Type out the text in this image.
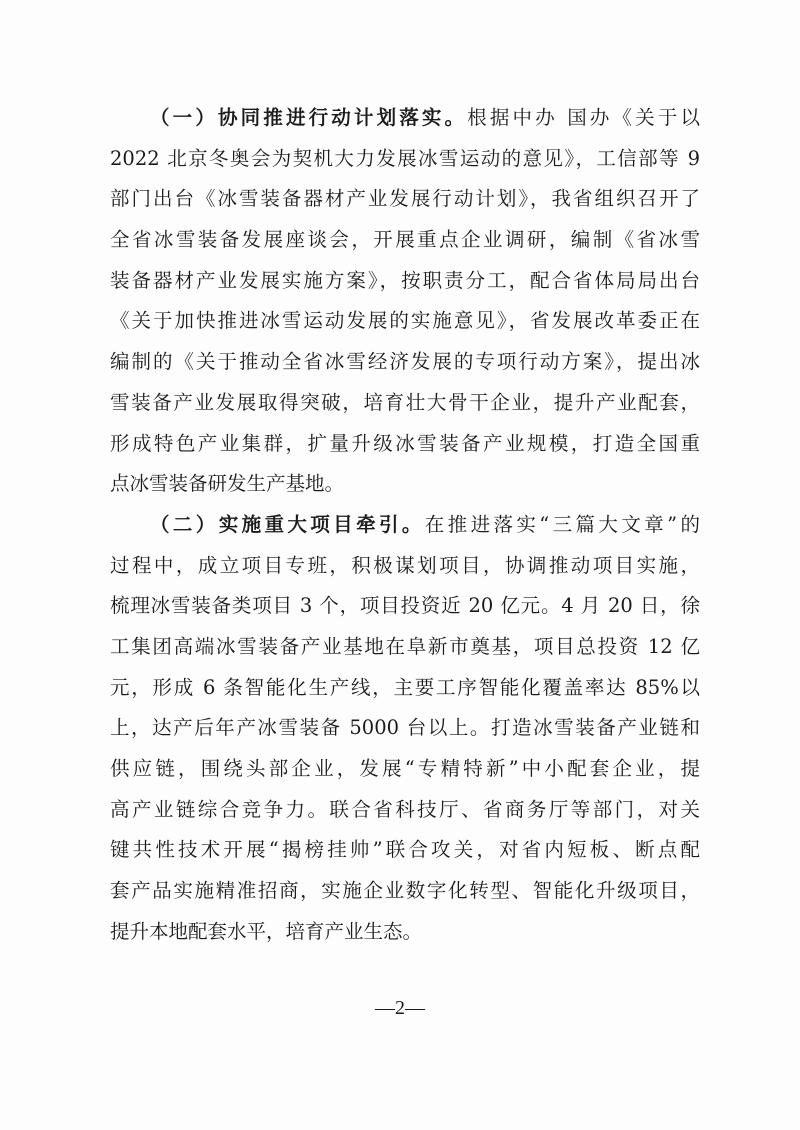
（一）协同推进行动计划落实。根据中办 国办《关于以
2022 北京冬奥会为契机大力发展冰雪运动的意见》，工信部等 9
部门出台《冰雪装备器材产业发展行动计划》，我省组织召开了
全省冰雪装备发展座谈会，开展重点企业调研，编制《省冰雪
装备器材产业发展实施方案》，按职责分工，配合省体局局出台
《关于加快推进冰雪运动发展的实施意见》，省发展改革委正在
编制的《关于推动全省冰雪经济发展的专项行动方案》，提出冰
雪装备产业发展取得突破，培育壮大骨干企业，提升产业配套，
形成特色产业集群，扩量升级冰雪装备产业规模，打造全国重
点冰雪装备研发生产基地。
（二）实施重大项目牵引。在推进落实“三篇大文章”的
过程中，成立项目专班，积极谋划项目，协调推动项目实施，
梳理冰雪装备类项目 3 个，项目投资近 20 亿元。4 月 20 日，徐
工集团高端冰雪装备产业基地在阜新市奠基，项目总投资 12 亿
元，形成 6 条智能化生产线，主要工序智能化覆盖率达 85%以
上，达产后年产冰雪装备 5000 台以上。打造冰雪装备产业链和
供应链，围绕头部企业，发展“专精特新”中小配套企业，提
高产业链综合竞争力。联合省科技厅、省商务厅等部门，对关
键共性技术开展“揭榜挂帅”联合攻关，对省内短板、断点配
套产品实施精准招商，实施企业数字化转型、智能化升级项目，
提升本地配套水平，培育产业生态。
—2—
